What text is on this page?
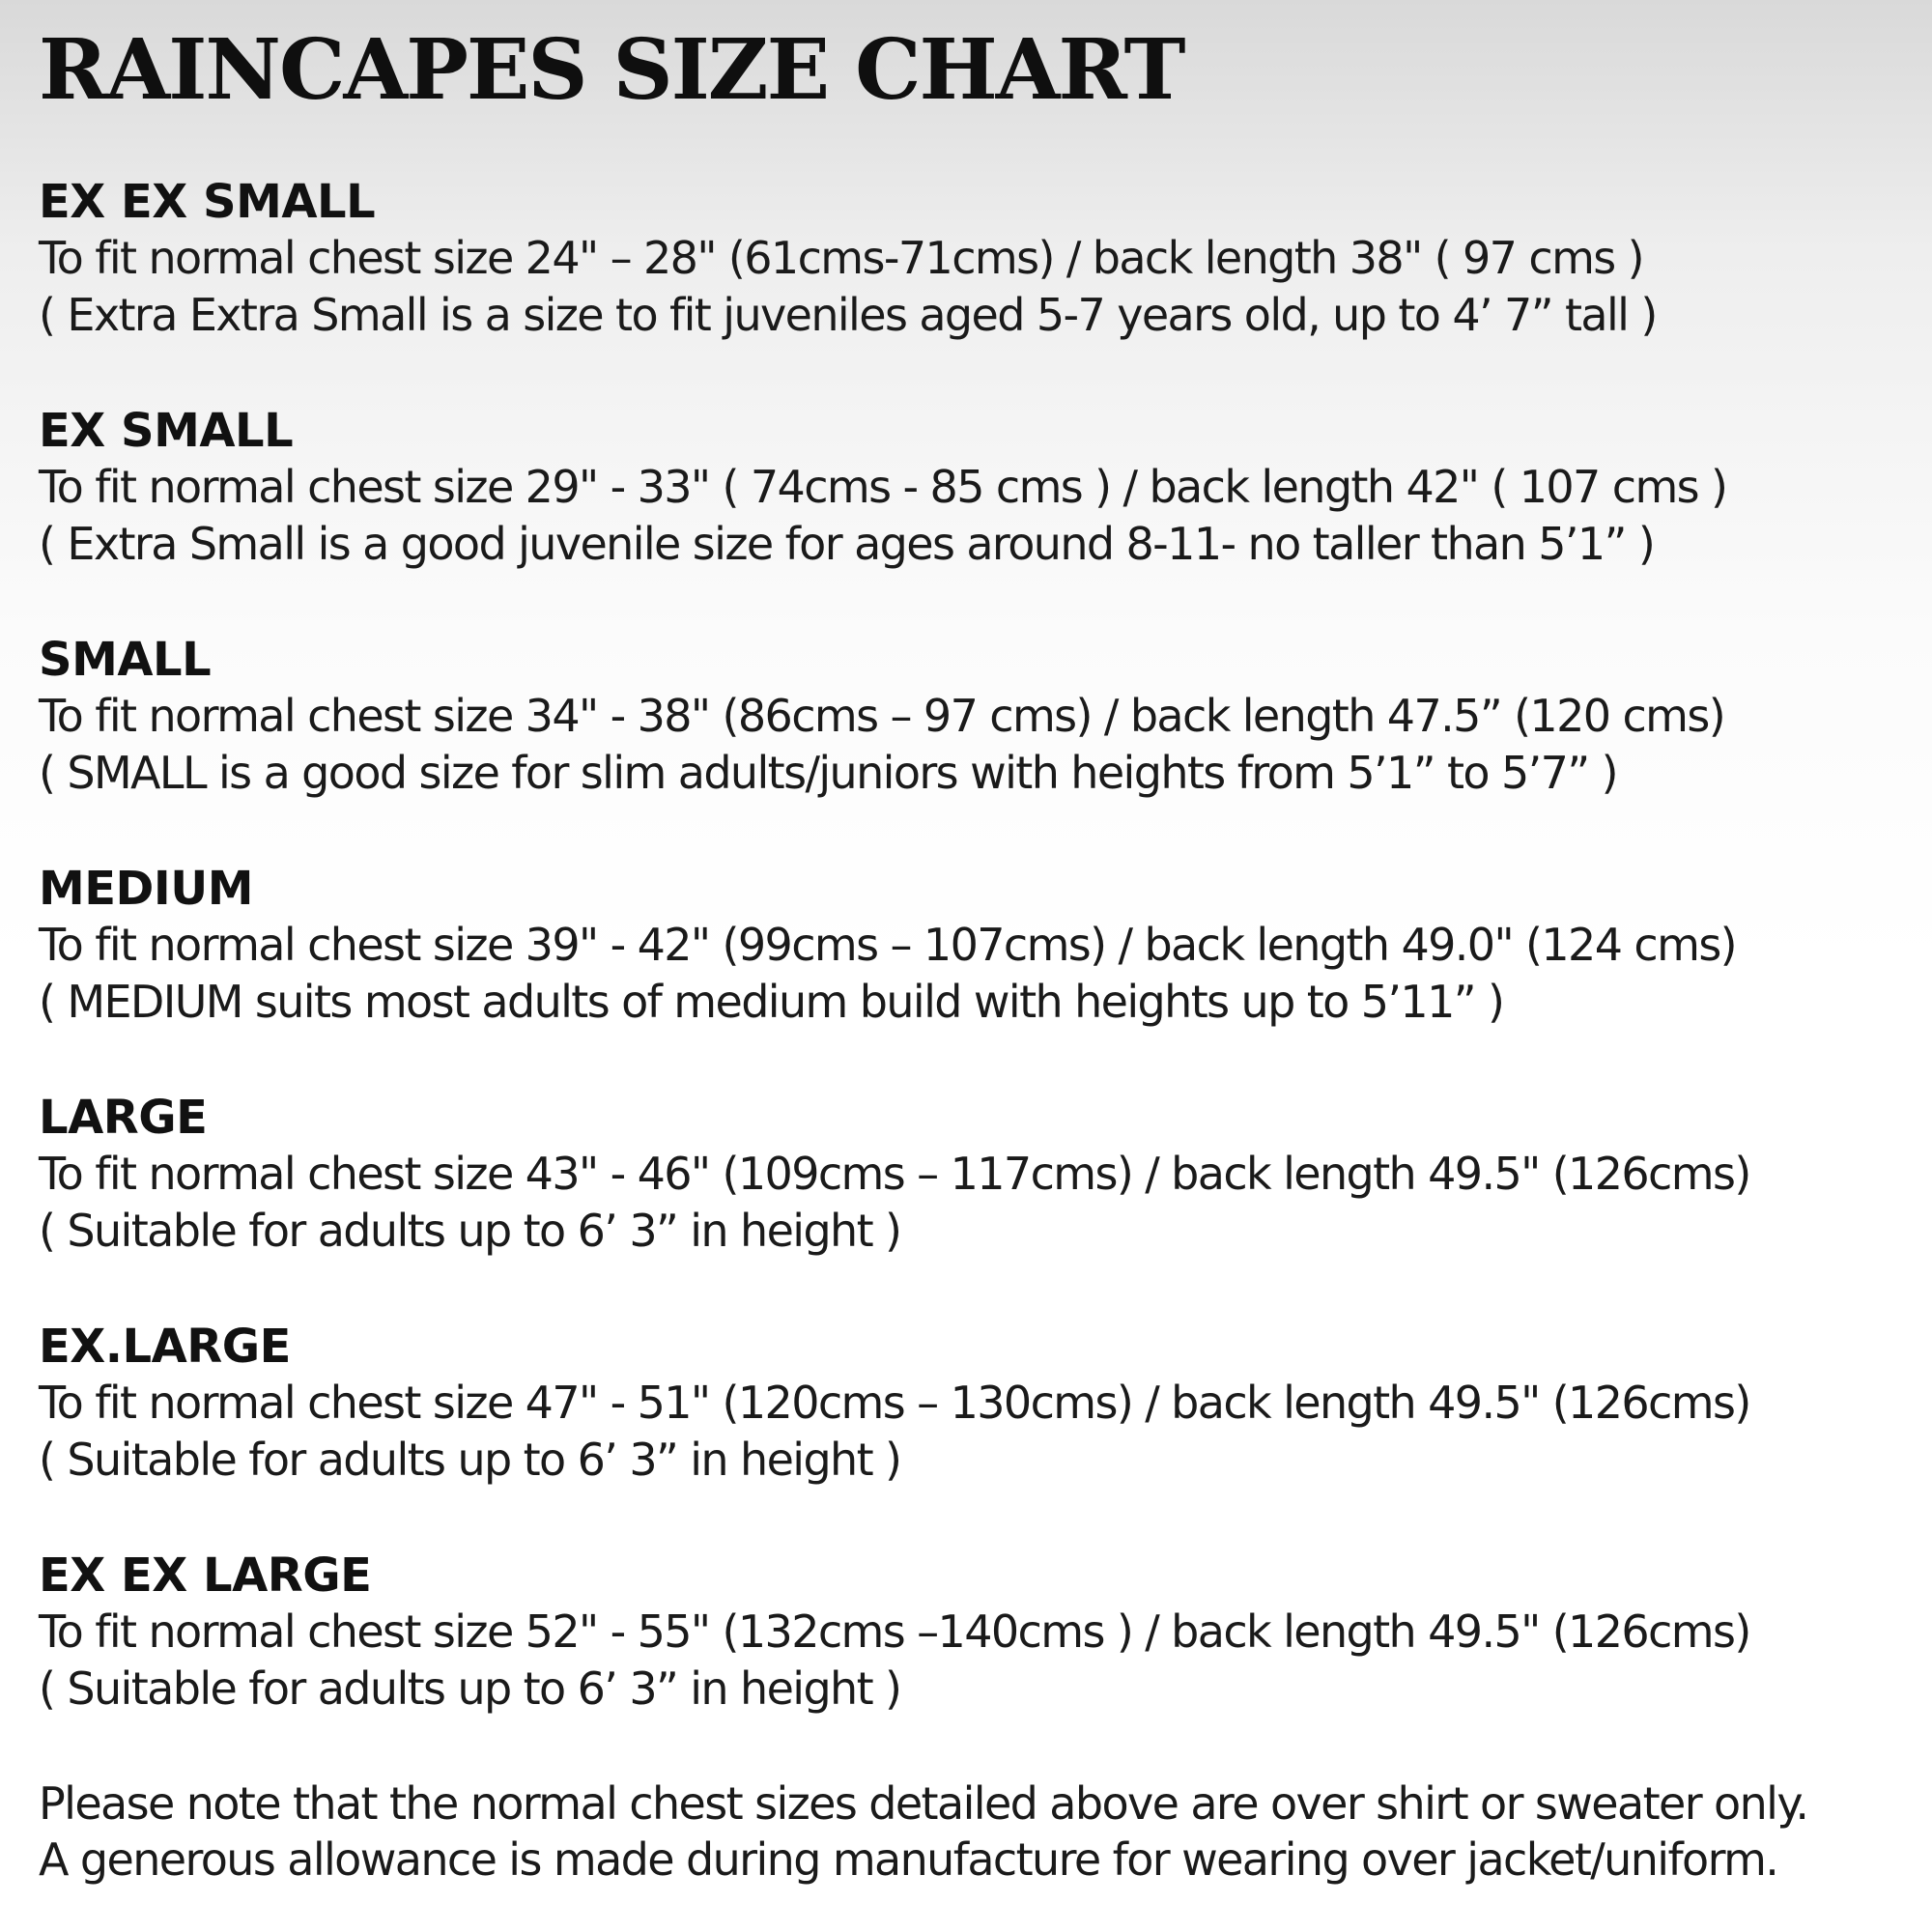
RAINCAPES SIZE CHART
EX EX SMALL
To fit normal chest size 24" – 28" (61cms-71cms) / back length 38" ( 97 cms )
( Extra Extra Small is a size to fit juveniles aged 5-7 years old, up to 4’ 7” tall )
EX SMALL
To fit normal chest size 29" - 33" ( 74cms - 85 cms ) / back length 42" ( 107 cms )
( Extra Small is a good juvenile size for ages around 8-11- no taller than 5’1” )
SMALL
To fit normal chest size 34" - 38" (86cms – 97 cms) / back length 47.5” (120 cms)
( SMALL is a good size for slim adults/juniors with heights from 5’1” to 5’7” )
MEDIUM
To fit normal chest size 39" - 42" (99cms – 107cms) / back length 49.0" (124 cms)
( MEDIUM suits most adults of medium build with heights up to 5’11” )
LARGE
To fit normal chest size 43" - 46" (109cms – 117cms) / back length 49.5" (126cms)
( Suitable for adults up to 6’ 3” in height )
EX.LARGE
To fit normal chest size 47" - 51" (120cms – 130cms) / back length 49.5" (126cms)
( Suitable for adults up to 6’ 3” in height )
EX EX LARGE
To fit normal chest size 52" - 55" (132cms –140cms ) / back length 49.5" (126cms)
( Suitable for adults up to 6’ 3” in height )
Please note that the normal chest sizes detailed above are over shirt or sweater only.
A generous allowance is made during manufacture for wearing over jacket/uniform.
